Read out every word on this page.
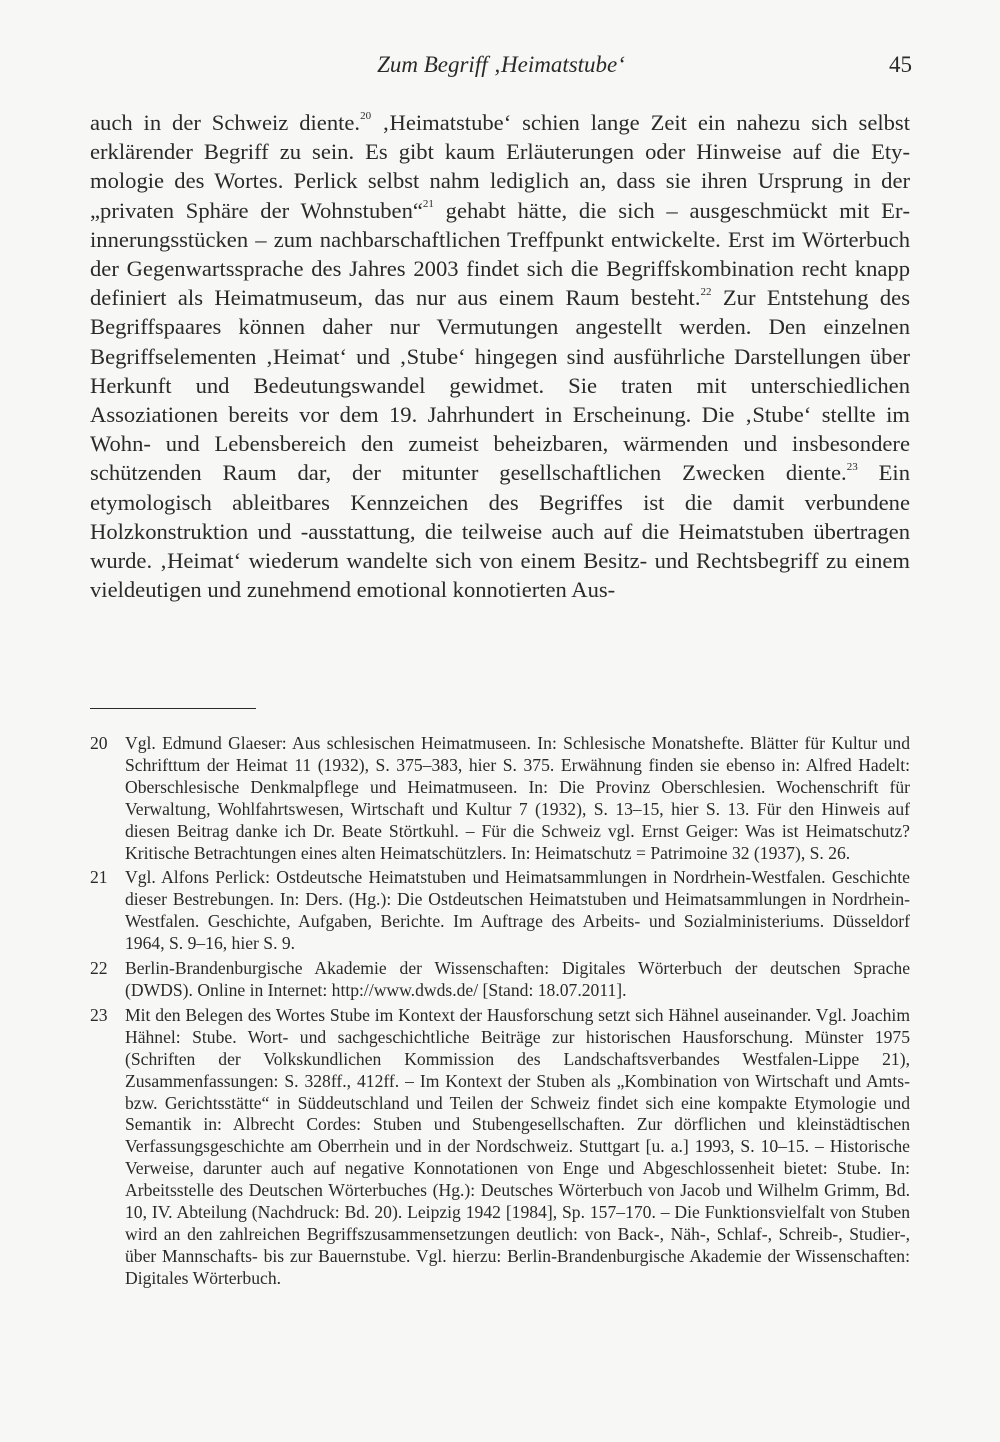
Zum Begriff ‚Heimatstube‘	45

auch in der Schweiz diente.$^{20}$ ‚Heimatstube‘ schien lange Zeit ein nahezu sich selbst erklärender Begriff zu sein. Es gibt kaum Erläuterungen oder Hinweise auf die Etymologie des Wortes. Perlick selbst nahm lediglich an, dass sie ihren Ursprung in der „privaten Sphäre der Wohnstuben“$^{21}$ gehabt hätte, die sich – ausgeschmückt mit Erinnerungsstücken – zum nachbarschaftlichen Treffpunkt entwickelte. Erst im Wörterbuch der Gegenwartssprache des Jahres 2003 findet sich die Begriffskombination recht knapp definiert als Heimatmuseum, das nur aus einem Raum besteht.$^{22}$ Zur Entstehung des Begriffspaares können daher nur Vermutungen angestellt werden. Den einzelnen Begriffselementen ‚Heimat‘ und ‚Stube‘ hingegen sind ausführliche Darstellungen über Herkunft und Bedeutungswandel gewidmet. Sie traten mit unterschiedlichen Assoziationen bereits vor dem 19. Jahrhundert in Erscheinung. Die ‚Stube‘ stellte im Wohn- und Lebensbereich den zumeist beheizbaren, wärmenden und insbesondere schützenden Raum dar, der mitunter gesellschaftlichen Zwecken diente.$^{23}$ Ein etymologisch ableitbares Kennzeichen des Begriffes ist die damit verbundene Holzkonstruktion und -ausstattung, die teilweise auch auf die Heimatstuben übertragen wurde. ‚Heimat‘ wiederum wandelte sich von einem Besitz- und Rechtsbegriff zu einem vieldeutigen und zunehmend emotional konnotierten Aus-

20 Vgl. Edmund Glaeser: Aus schlesischen Heimatmuseen. In: Schlesische Monatshefte. Blätter für Kultur und Schrifttum der Heimat 11 (1932), S. 375–383, hier S. 375. Erwähnung finden sie ebenso in: Alfred Hadelt: Oberschlesische Denkmalpflege und Heimatmuseen. In: Die Provinz Oberschlesien. Wochenschrift für Verwaltung, Wohlfahrtswesen, Wirtschaft und Kultur 7 (1932), S. 13–15, hier S. 13. Für den Hinweis auf diesen Beitrag danke ich Dr. Beate Störtkuhl. – Für die Schweiz vgl. Ernst Geiger: Was ist Heimatschutz? Kritische Betrachtungen eines alten Heimatschützlers. In: Heimatschutz = Patrimoine 32 (1937), S. 26.
21 Vgl. Alfons Perlick: Ostdeutsche Heimatstuben und Heimatsammlungen in Nordrhein-Westfalen. Geschichte dieser Bestrebungen. In: Ders. (Hg.): Die Ostdeutschen Heimatstuben und Heimatsammlungen in Nordrhein-Westfalen. Geschichte, Aufgaben, Berichte. Im Auftrage des Arbeits- und Sozialministeriums. Düsseldorf 1964, S. 9–16, hier S. 9.
22 Berlin-Brandenburgische Akademie der Wissenschaften: Digitales Wörterbuch der deutschen Sprache (DWDS). Online in Internet: http://www.dwds.de/ [Stand: 18.07.2011].
23 Mit den Belegen des Wortes Stube im Kontext der Hausforschung setzt sich Hähnel auseinander. Vgl. Joachim Hähnel: Stube. Wort- und sachgeschichtliche Beiträge zur historischen Hausforschung. Münster 1975 (Schriften der Volkskundlichen Kommission des Landschaftsverbandes Westfalen-Lippe 21), Zusammenfassungen: S. 328ff., 412ff. – Im Kontext der Stuben als „Kombination von Wirtschaft und Amts- bzw. Gerichtsstätte“ in Süddeutschland und Teilen der Schweiz findet sich eine kompakte Etymologie und Semantik in: Albrecht Cordes: Stuben und Stubengesellschaften. Zur dörflichen und kleinstädtischen Verfassungsgeschichte am Oberrhein und in der Nordschweiz. Stuttgart [u. a.] 1993, S. 10–15. – Historische Verweise, darunter auch auf negative Konnotationen von Enge und Abgeschlossenheit bietet: Stube. In: Arbeitsstelle des Deutschen Wörterbuches (Hg.): Deutsches Wörterbuch von Jacob und Wilhelm Grimm, Bd. 10, IV. Abteilung (Nachdruck: Bd. 20). Leipzig 1942 [1984], Sp. 157–170. – Die Funktionsvielfalt von Stuben wird an den zahlreichen Begriffszusammensetzungen deutlich: von Back-, Näh-, Schlaf-, Schreib-, Studier-, über Mannschafts- bis zur Bauernstube. Vgl. hierzu: Berlin-Brandenburgische Akademie der Wissenschaften: Digitales Wörterbuch.
